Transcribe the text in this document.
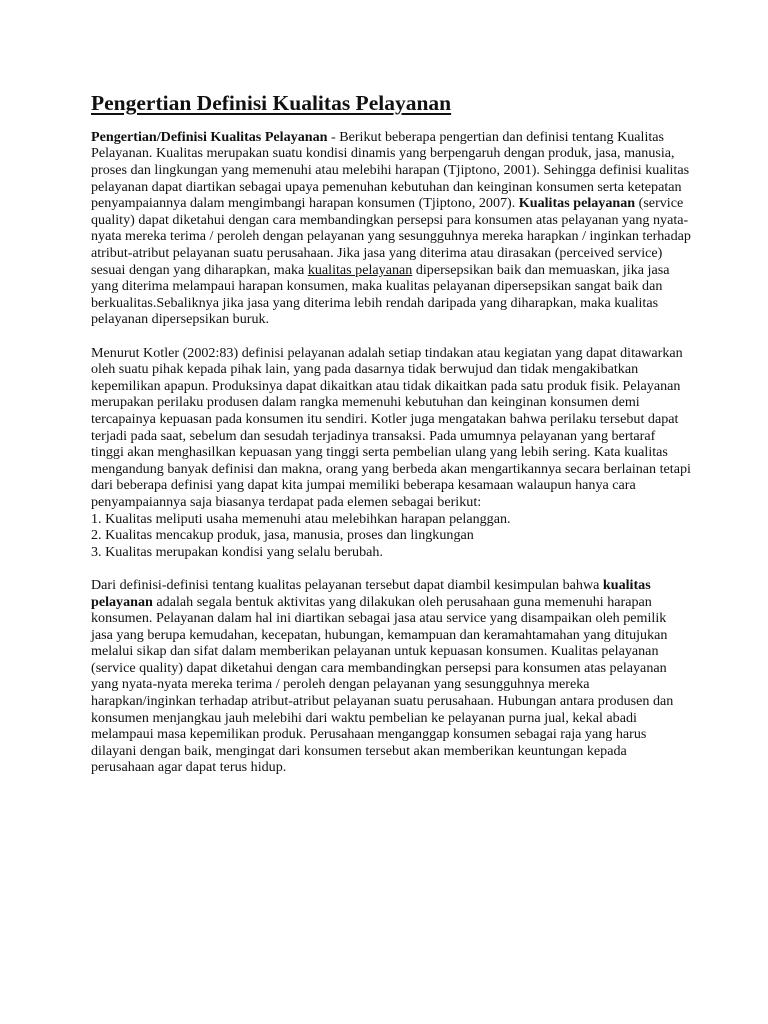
Pengertian Definisi Kualitas Pelayanan

Pengertian/Definisi Kualitas Pelayanan - Berikut beberapa pengertian dan definisi tentang Kualitas Pelayanan. Kualitas merupakan suatu kondisi dinamis yang berpengaruh dengan produk, jasa, manusia, proses dan lingkungan yang memenuhi atau melebihi harapan (Tjiptono, 2001). Sehingga definisi kualitas pelayanan dapat diartikan sebagai upaya pemenuhan kebutuhan dan keinginan konsumen serta ketepatan penyampaiannya dalam mengimbangi harapan konsumen (Tjiptono, 2007). Kualitas pelayanan (service quality) dapat diketahui dengan cara membandingkan persepsi para konsumen atas pelayanan yang nyata-nyata mereka terima / peroleh dengan pelayanan yang sesungguhnya mereka harapkan / inginkan terhadap atribut-atribut pelayanan suatu perusahaan. Jika jasa yang diterima atau dirasakan (perceived service) sesuai dengan yang diharapkan, maka kualitas pelayanan dipersepsikan baik dan memuaskan, jika jasa yang diterima melampaui harapan konsumen, maka kualitas pelayanan dipersepsikan sangat baik dan berkualitas.Sebaliknya jika jasa yang diterima lebih rendah daripada yang diharapkan, maka kualitas pelayanan dipersepsikan buruk.

Menurut Kotler (2002:83) definisi pelayanan adalah setiap tindakan atau kegiatan yang dapat ditawarkan oleh suatu pihak kepada pihak lain, yang pada dasarnya tidak berwujud dan tidak mengakibatkan kepemilikan apapun. Produksinya dapat dikaitkan atau tidak dikaitkan pada satu produk fisik. Pelayanan merupakan perilaku produsen dalam rangka memenuhi kebutuhan dan keinginan konsumen demi tercapainya kepuasan pada konsumen itu sendiri. Kotler juga mengatakan bahwa perilaku tersebut dapat terjadi pada saat, sebelum dan sesudah terjadinya transaksi. Pada umumnya pelayanan yang bertaraf tinggi akan menghasilkan kepuasan yang tinggi serta pembelian ulang yang lebih sering. Kata kualitas mengandung banyak definisi dan makna, orang yang berbeda akan mengartikannya secara berlainan tetapi dari beberapa definisi yang dapat kita jumpai memiliki beberapa kesamaan walaupun hanya cara penyampaiannya saja biasanya terdapat pada elemen sebagai berikut:

1. Kualitas meliputi usaha memenuhi atau melebihkan harapan pelanggan.
2. Kualitas mencakup produk, jasa, manusia, proses dan lingkungan
3. Kualitas merupakan kondisi yang selalu berubah.

Dari definisi-definisi tentang kualitas pelayanan tersebut dapat diambil kesimpulan bahwa kualitas pelayanan adalah segala bentuk aktivitas yang dilakukan oleh perusahaan guna memenuhi harapan konsumen. Pelayanan dalam hal ini diartikan sebagai jasa atau service yang disampaikan oleh pemilik jasa yang berupa kemudahan, kecepatan, hubungan, kemampuan dan keramahtamahan yang ditujukan melalui sikap dan sifat dalam memberikan pelayanan untuk kepuasan konsumen. Kualitas pelayanan (service quality) dapat diketahui dengan cara membandingkan persepsi para konsumen atas pelayanan yang nyata-nyata mereka terima / peroleh dengan pelayanan yang sesungguhnya mereka harapkan/inginkan terhadap atribut-atribut pelayanan suatu perusahaan. Hubungan antara produsen dan konsumen menjangkau jauh melebihi dari waktu pembelian ke pelayanan purna jual, kekal abadi melampaui masa kepemilikan produk. Perusahaan menganggap konsumen sebagai raja yang harus dilayani dengan baik, mengingat dari konsumen tersebut akan memberikan keuntungan kepada perusahaan agar dapat terus hidup.
